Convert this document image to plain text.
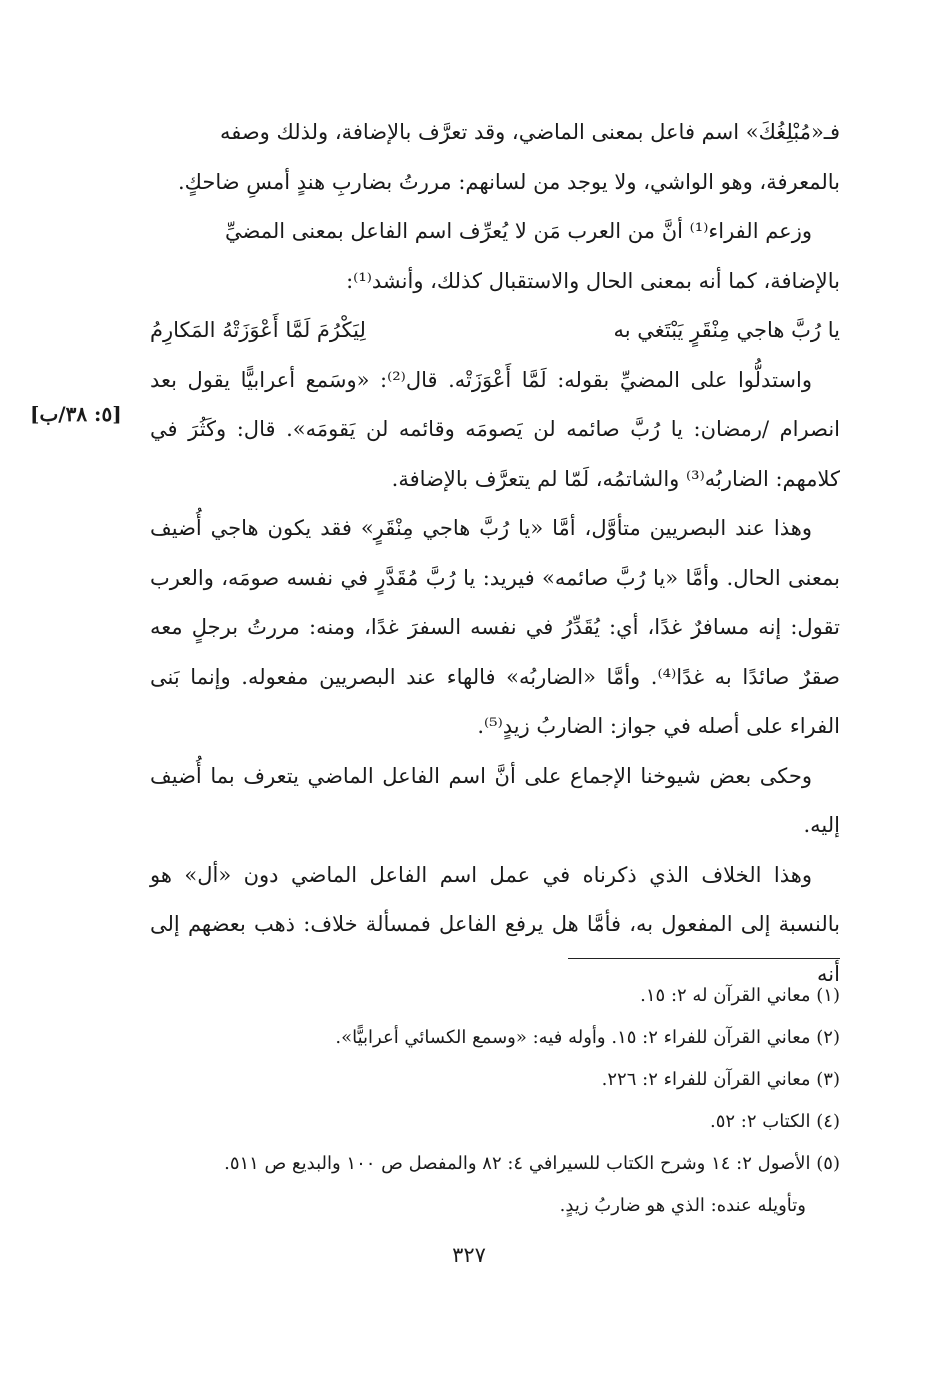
فـ«مُبْلِغُكَ» اسم فاعل بمعنى الماضي، وقد تعرَّف بالإضافة، ولذلك وصفه

بالمعرفة، وهو الواشي، ولا يوجد من لسانهم: مررتُ بضاربِ هندٍ أمسِ ضاحكٍ.

وزعم الفراء⁽¹⁾ أنَّ من العرب مَن لا يُعرِّف اسم الفاعل بمعنى المضيِّ

بالإضافة، كما أنه بمعنى الحال والاستقبال كذلك، وأنشد⁽¹⁾:

يا رُبَّ هاجي مِنْقَرٍ يَبْتَغي به
لِيَكْرُمَ لَمَّا أَعْوَزَتْهُ المَكارِمُ

واستدلُّوا على المضيِّ بقوله: لَمَّا أَعْوَزَتْه. قال⁽²⁾: «وسَمع أعرابيًّا يقول بعد انصرام /رمضان: يا رُبَّ صائمه لن يَصومَه وقائمه لن يَقومَه». قال: وكَثُرَ في كلامهم: الضاربُه⁽³⁾ والشاتمُه، لَمّا لم يتعرَّف بالإضافة.

وهذا عند البصريين متأوَّل، أمَّا «يا رُبَّ هاجي مِنْقَرٍ» فقد يكون هاجي أُضيف بمعنى الحال. وأمَّا «يا رُبَّ صائمه» فيريد: يا رُبَّ مُقَدَّرٍ في نفسه صومَه، والعرب تقول: إنه مسافرٌ غدًا، أي: يُقَدِّرُ في نفسه السفرَ غدًا، ومنه: مررتُ برجلٍ معه صقرٌ صائدًا به غدًا⁽⁴⁾. وأمَّا «الضاربُه» فالهاء عند البصريين مفعوله. وإنما بَنى الفراء على أصله في جواز: الضاربُ زيدٍ⁽⁵⁾.

وحكى بعض شيوخنا الإجماع على أنَّ اسم الفاعل الماضي يتعرف بما أُضيف إليه.

وهذا الخلاف الذي ذكرناه في عمل اسم الفاعل الماضي دون «أل» هو بالنسبة إلى المفعول به، فأمَّا هل يرفع الفاعل فمسألة خلاف: ذهب بعضهم إلى أنه

[٥: ٣٨/ب]

(١) معاني القرآن له ٢: ١٥.

(٢) معاني القرآن للفراء ٢: ١٥. وأوله فيه: «وسمع الكسائي أعرابيًّا».

(٣) معاني القرآن للفراء ٢: ٢٢٦.

(٤) الكتاب ٢: ٥٢.

(٥) الأصول ٢: ١٤ وشرح الكتاب للسيرافي ٤: ٨٢ والمفصل ص ١٠٠ والبديع ص ٥١١.

وتأويله عنده: الذي هو ضاربُ زيدٍ.

٣٢٧
